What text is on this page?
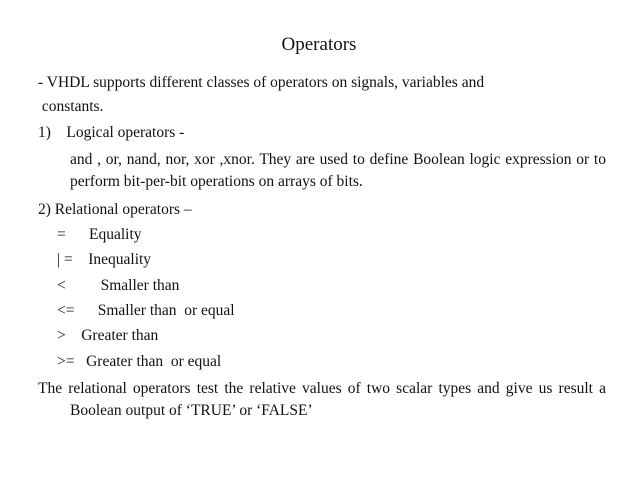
Operators
- VHDL supports different classes of operators on signals, variables and
constants.
1)    Logical operators -
and , or, nand, nor, xor ,xnor. They are used to define Boolean logic expression or to perform bit-per-bit operations on arrays of bits.
2) Relational operators –
=      Equality
| =    Inequality
<         Smaller than
<=      Smaller than  or equal
>    Greater than
>=   Greater than  or equal
The relational operators test the relative values of two scalar types and give us result a Boolean output of ‘TRUE’ or ‘FALSE’
